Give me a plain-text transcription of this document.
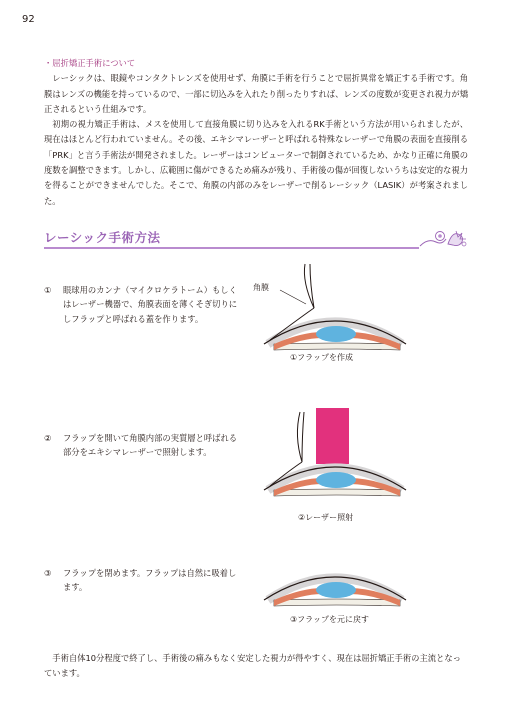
92
・屈折矯正手術について

レーシックは、眼鏡やコンタクトレンズを使用せず、角膜に手術を行うことで屈折異常を矯正する手術です。角膜はレンズの機能を持っているので、一部に切込みを入れたり削ったりすれば、レンズの度数が変更され視力が矯正されるという仕組みです。

初期の視力矯正手術は、メスを使用して直接角膜に切り込みを入れるRK手術という方法が用いられましたが、現在はほとんど行われていません。その後、エキシマレーザーと呼ばれる特殊なレーザーで角膜の表面を直接削る「PRK」と言う手術法が開発されました。レーザーはコンピューターで制御されているため、かなり正確に角膜の度数を調整できます。しかし、広範囲に傷ができるため痛みが残り、手術後の傷が回復しないうちは安定的な視力を得ることができませんでした。そこで、角膜の内部のみをレーザーで削るレーシック（LASIK）が考案されました。

レーシック手術方法
①	眼球用のカンナ（マイクロケラトーム）もしくはレーザー機器で、角膜表面を薄くそぎ切りにしフラップと呼ばれる蓋を作ります。
②	フラップを開いて角膜内部の実質層と呼ばれる部分をエキシマレーザーで照射します。
③	フラップを閉めます。フラップは自然に吸着します。
角膜
①フラップを作成
②レーザー照射
③フラップを元に戻す

手術自体10分程度で終了し、手術後の痛みもなく安定した視力が得やすく、現在は屈折矯正手術の主流となっています。
